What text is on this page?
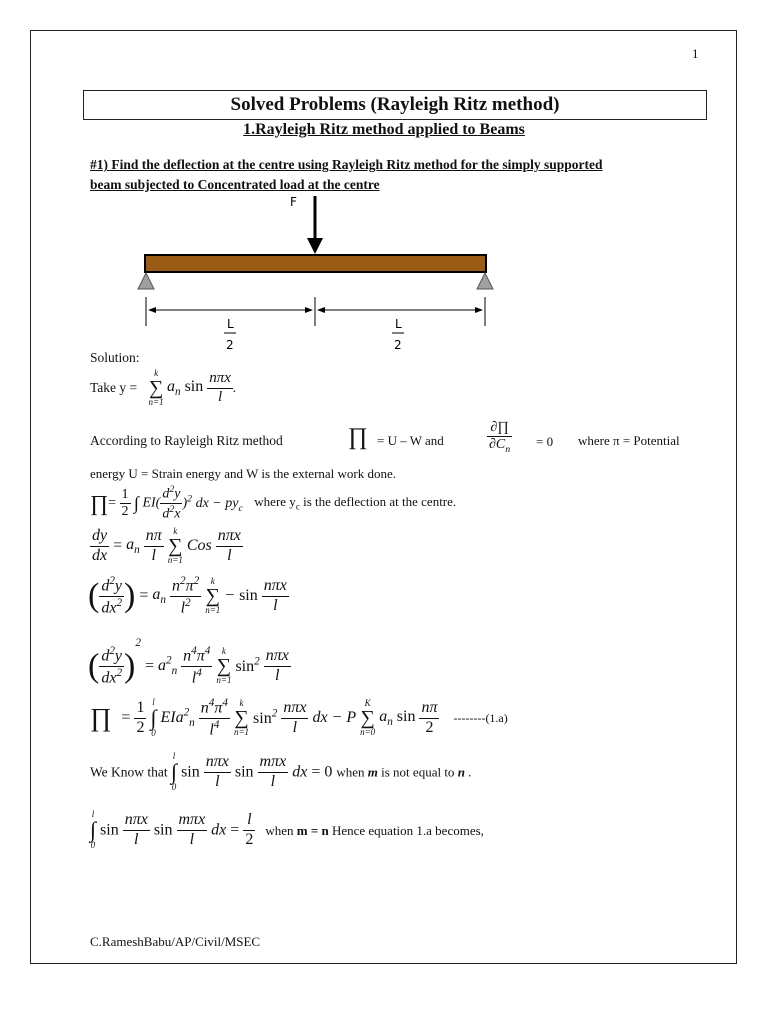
1
Solved Problems (Rayleigh Ritz method)
1.Rayleigh Ritz method applied to Beams
#1) Find the deflection at the centre using Rayleigh Ritz method for the simply supported
beam subjected to Concentrated load at the centre
F
L
2
L
2
Solution:
Take y =
k
∑
n=1
$a_n$ $\sin \frac{\text{nπx}}{l}$ .
According to Rayleigh Ritz method	∏ = U – W and
∂∏
$\partial C_n$
= 0 where π = Potential
energy U = Strain energy and W is the external work done.
∏= $\frac{1}{2}$ ∫ $EI( \frac{d^2y}{d^2x} )^2$ dx − $py_c$ where $y_c$ is the deflection at the centre.
$\frac{dy}{dx} = a_n \frac{n\pi}{l}$
	k
∑
n=1
Cos $\frac{\text{nπx}}{l}$
( $\frac{d^2y}{dx^2}$ ) = $a_n \frac{n^2\pi^2}{l^2}$
	k
∑
n=1
− $\sin \frac{\text{nπx}}{l}$
( $\frac{d^2y}{dx^2} )^2 = a^2_n \frac{n^4\pi^4}{l^4}$
	k
∑
n=1
$\sin^2 \frac{\text{nπx}}{l}$
∏ = $\frac{1}{2}$
l
∫
0
$EIa^2_n \frac{n^4\pi^4}{l^4}$
	k
∑
n=1
$\sin^2 \frac{\text{nπx}}{l}$ dx − P
K
∑
n=0
$a_n$ $\sin \frac{n\pi}{2} --------(1.a)$
We Know that
l
∫
0
$\sin \frac{\text{nπx}}{l}$ $\sin \frac{\text{mπx}}{l}$ dx = 0 when m is not equal to n .
l
∫
0
$\sin \frac{\text{nπx}}{l}$ $\sin \frac{\text{mπx}}{l}$ dx = $\frac{l}{2}$ when m = n Hence equation 1.a becomes,
C.RameshBabu/AP/Civil/MSEC
